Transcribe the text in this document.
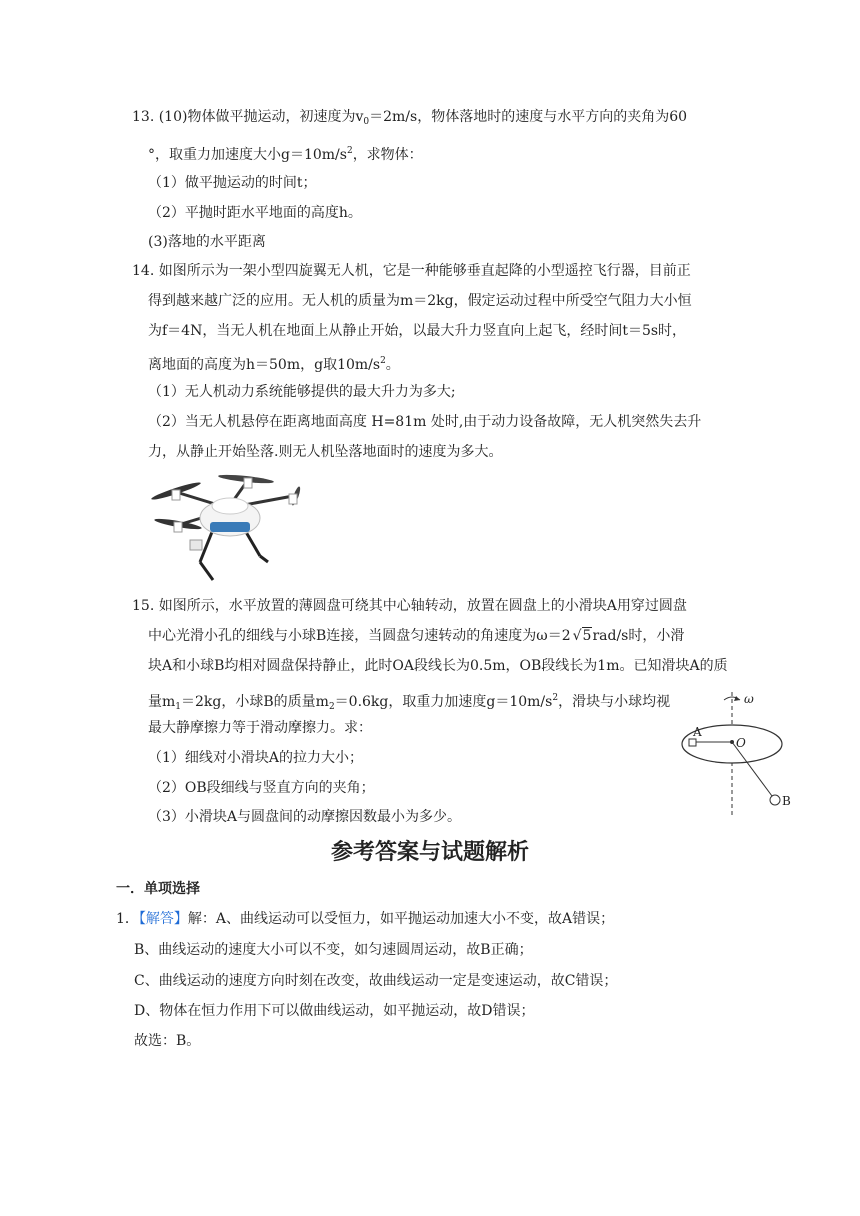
13. (10)物体做平抛运动，初速度为$v_0=2m/s$，物体落地时的速度与水平方向的夹角为60
°，取重力加速度大小$g=10m/s^2$，求物体：
（1）做平抛运动的时间t；
（2）平抛时距水平地面的高度h。
(3)落地的水平距离
14. 如图所示为一架小型四旋翼无人机，它是一种能够垂直起降的小型遥控飞行器，目前正
得到越来越广泛的应用。无人机的质量为m＝2kg，假定运动过程中所受空气阻力大小恒
为f＝4N，当无人机在地面上从静止开始，以最大升力竖直向上起飞，经时间t＝5s时，
离地面的高度为h＝50m，g取$10m/s^2$。
（1）无人机动力系统能够提供的最大升力为多大;
（2）当无人机悬停在距离地面高度 H=81m 处时,由于动力设备故障，无人机突然失去升
力，从静止开始坠落.则无人机坠落地面时的速度为多大。
15. 如图所示，水平放置的薄圆盘可绕其中心轴转动，放置在圆盘上的小滑块A用穿过圆盘
中心光滑小孔的细线与小球B连接，当圆盘匀速转动的角速度为ω＝2 √5rad/s时，小滑
块A和小球B均相对圆盘保持静止，此时OA段线长为0.5m，OB段线长为1m。已知滑块A的质
量$m_1=2kg$，小球B的质量$m_2=0.6kg$，取重力加速度$g=10m/s^2$，滑块与小球均视
最大静摩擦力等于滑动摩擦力。求：
（1）细线对小滑块A的拉力大小；
（2）OB段细线与竖直方向的夹角；
（3）小滑块A与圆盘间的动摩擦因数最小为多少。
ω
A
O
B
参考答案与试题解析
一．单项选择
1．【解答】解：A、曲线运动可以受恒力，如平抛运动加速大小不变，故A错误；
B、曲线运动的速度大小可以不变，如匀速圆周运动，故B正确；
C、曲线运动的速度方向时刻在改变，故曲线运动一定是变速运动，故C错误；
D、物体在恒力作用下可以做曲线运动，如平抛运动，故D错误；
故选：B。
